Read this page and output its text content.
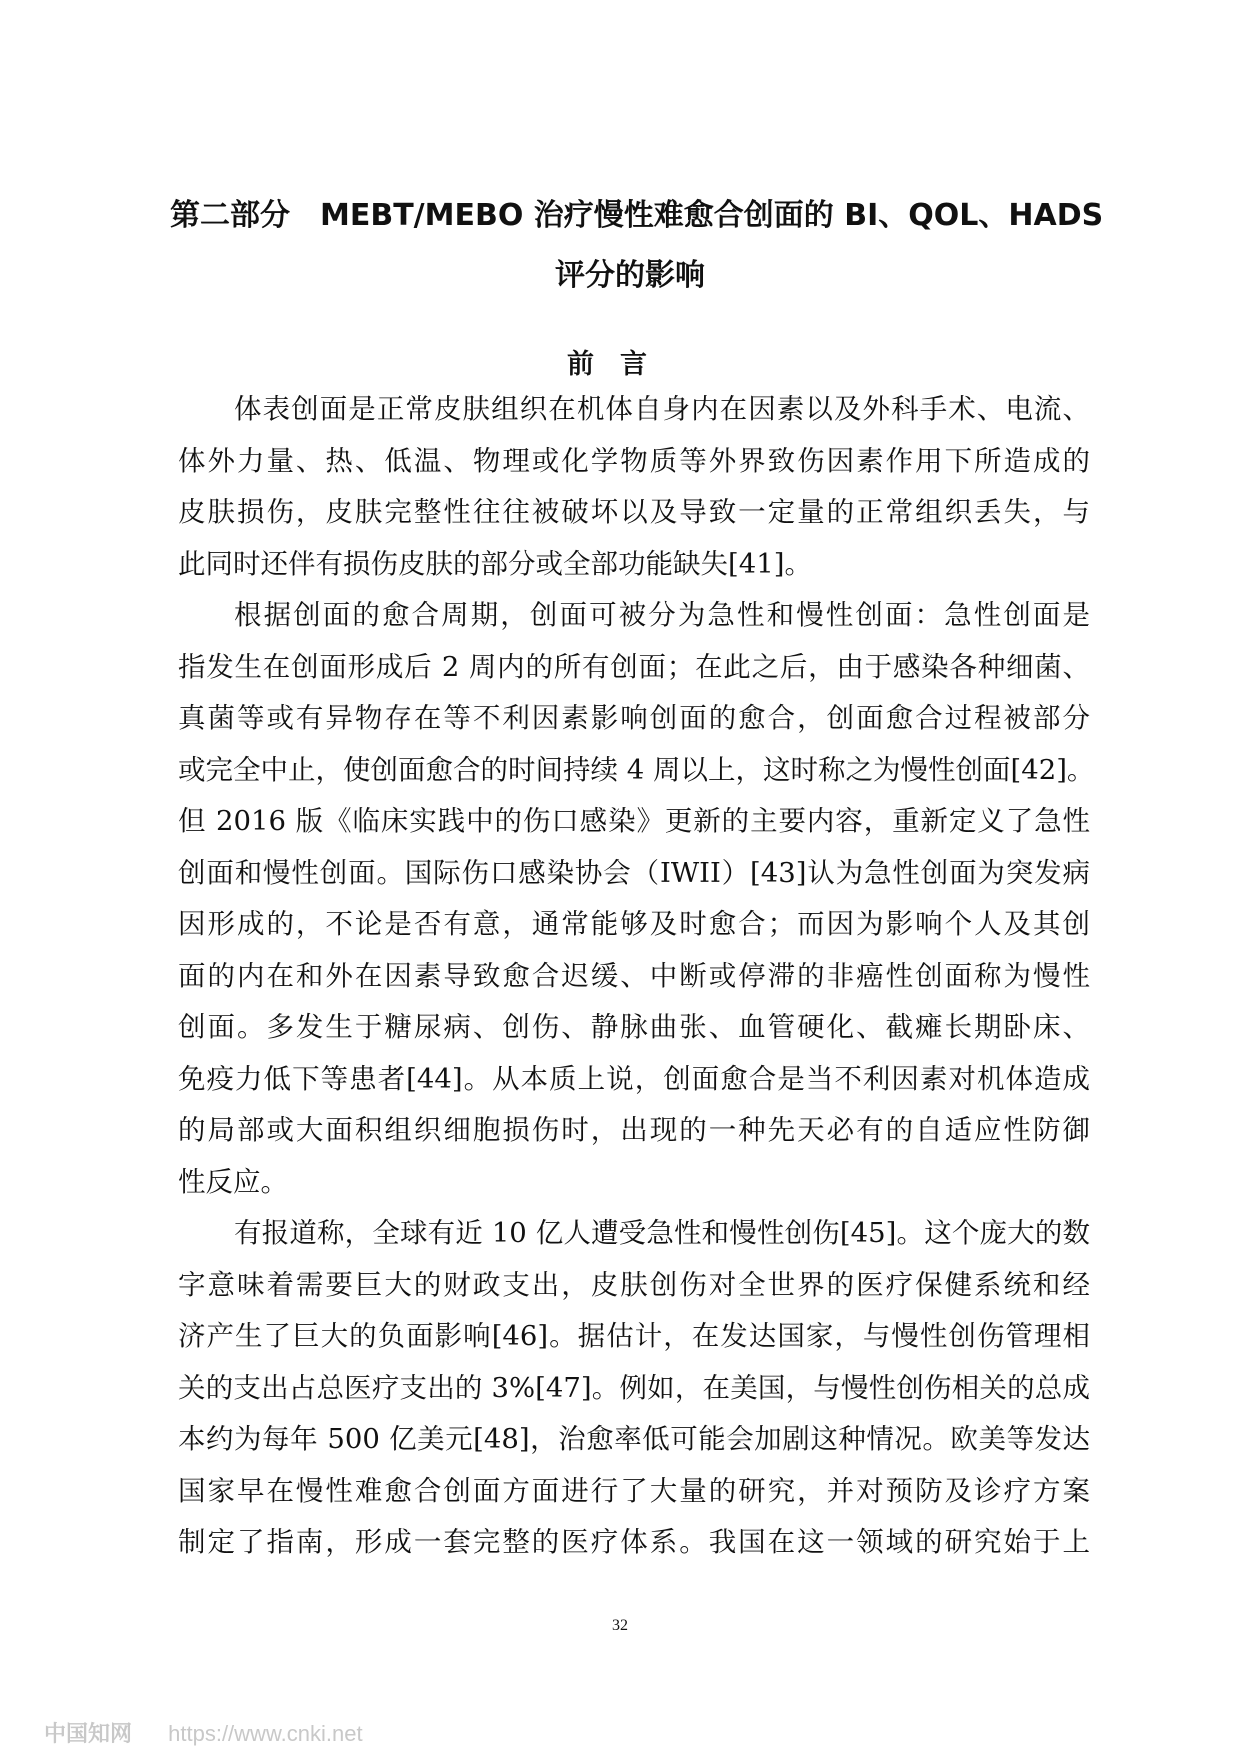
第二部分　MEBT/MEBO 治疗慢性难愈合创面的 BI、QOL、HADS
评分的影响
前言

体表创面是正常皮肤组织在机体自身内在因素以及外科手术、电流、
体外力量、热、低温、物理或化学物质等外界致伤因素作用下所造成的
皮肤损伤，皮肤完整性往往被破坏以及导致一定量的正常组织丢失，与
此同时还伴有损伤皮肤的部分或全部功能缺失[41]。

根据创面的愈合周期，创面可被分为急性和慢性创面：急性创面是
指发生在创面形成后 2 周内的所有创面；在此之后，由于感染各种细菌、
真菌等或有异物存在等不利因素影响创面的愈合，创面愈合过程被部分
或完全中止，使创面愈合的时间持续 4 周以上，这时称之为慢性创面[42]。
但 2016 版《临床实践中的伤口感染》更新的主要内容，重新定义了急性
创面和慢性创面。国际伤口感染协会（IWII）[43]认为急性创面为突发病
因形成的，不论是否有意，通常能够及时愈合；而因为影响个人及其创
面的内在和外在因素导致愈合迟缓、中断或停滞的非癌性创面称为慢性
创面。多发生于糖尿病、创伤、静脉曲张、血管硬化、截瘫长期卧床、
免疫力低下等患者[44]。从本质上说，创面愈合是当不利因素对机体造成
的局部或大面积组织细胞损伤时，出现的一种先天必有的自适应性防御
性反应。

有报道称，全球有近 10 亿人遭受急性和慢性创伤[45]。这个庞大的数
字意味着需要巨大的财政支出，皮肤创伤对全世界的医疗保健系统和经
济产生了巨大的负面影响[46]。据估计，在发达国家，与慢性创伤管理相
关的支出占总医疗支出的 3%[47]。例如，在美国，与慢性创伤相关的总成
本约为每年 500 亿美元[48]，治愈率低可能会加剧这种情况。欧美等发达
国家早在慢性难愈合创面方面进行了大量的研究，并对预防及诊疗方案
制定了指南，形成一套完整的医疗体系。我国在这一领域的研究始于上

32
中国知网 https://www.cnki.net
